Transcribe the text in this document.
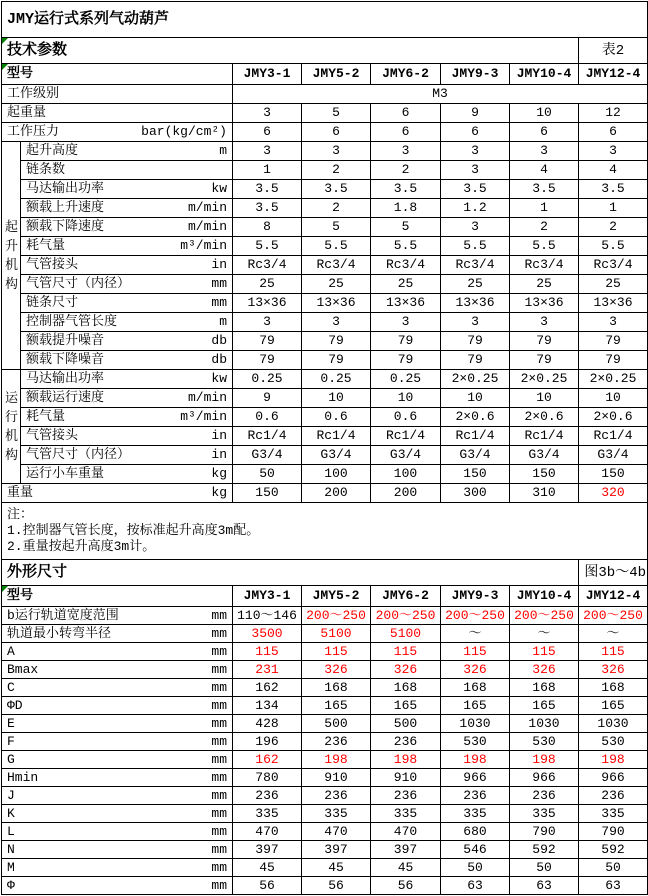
JMY运行式系列气动葫芦							

技术参数							表2

型号		JMY3-1	JMY5-2	JMY6-2	JMY9-3	JMY10-4	JMY12-4
工作级别		M3					

起重量		3	5	6	9	10	12

工作压力 bar(kg/cm²)		6	6	6	6	6	6
起升机构	起升高度 m	3	3	3	3	3	3

	链条数	1	2	2	3	4	4

	马达输出功率 kw	3.5	3.5	3.5	3.5	3.5	3.5

	额载上升速度 m/min	3.5	2	1.8	1.2	1	1

	额载下降速度 m/min	8	5	5	3	2	2

	耗气量 m³/min	5.5	5.5	5.5	5.5	5.5	5.5

	气管接头 in	Rc3/4	Rc3/4	Rc3/4	Rc3/4	Rc3/4	Rc3/4

	气管尺寸（内径） mm	25	25	25	25	25	25

	链条尺寸 mm	13×36	13×36	13×36	13×36	13×36	13×36

	控制器气管长度 m	3	3	3	3	3	3

	额载提升噪音 db	79	79	79	79	79	79

	额载下降噪音 db	79	79	79	79	79	79
运行机构	马达输出功率 kw	0.25	0.25	0.25	2×0.25	2×0.25	2×0.25

	额载运行速度 m/min	9	10	10	10	10	10

	耗气量 m³/min	0.6	0.6	0.6	2×0.6	2×0.6	2×0.6

	气管接头 in	Rc1/4	Rc1/4	Rc1/4	Rc1/4	Rc1/4	Rc1/4

	气管尺寸（内径） in	G3/4	G3/4	G3/4	G3/4	G3/4	G3/4

	运行小车重量 kg	50	100	100	150	150	150

重量 kg		150	200	200	300	310	320

注：
1.控制器气管长度，按标准起升高度3m配。
2.重量按起升高度3m计。							

外形尺寸							图3b～4b

型号		JMY3-1	JMY5-2	JMY6-2	JMY9-3	JMY10-4	JMY12-4

b运行轨道宽度范围 mm		110～146	200～250	200～250	200～250	200～250	200～250

轨道最小转弯半径 mm		3500	5100	5100	～	～	～

A mm		115	115	115	115	115	115

Bmax mm		231	326	326	326	326	326

C mm		162	168	168	168	168	168

ΦD mm		134	165	165	165	165	165

E mm		428	500	500	1030	1030	1030

F mm		196	236	236	530	530	530

G mm		162	198	198	198	198	198

Hmin mm		780	910	910	966	966	966

J mm		236	236	236	236	236	236

K mm		335	335	335	335	335	335

L mm		470	470	470	680	790	790

N mm		397	397	397	546	592	592

M mm		45	45	45	50	50	50

Φ mm		56	56	56	63	63	63
